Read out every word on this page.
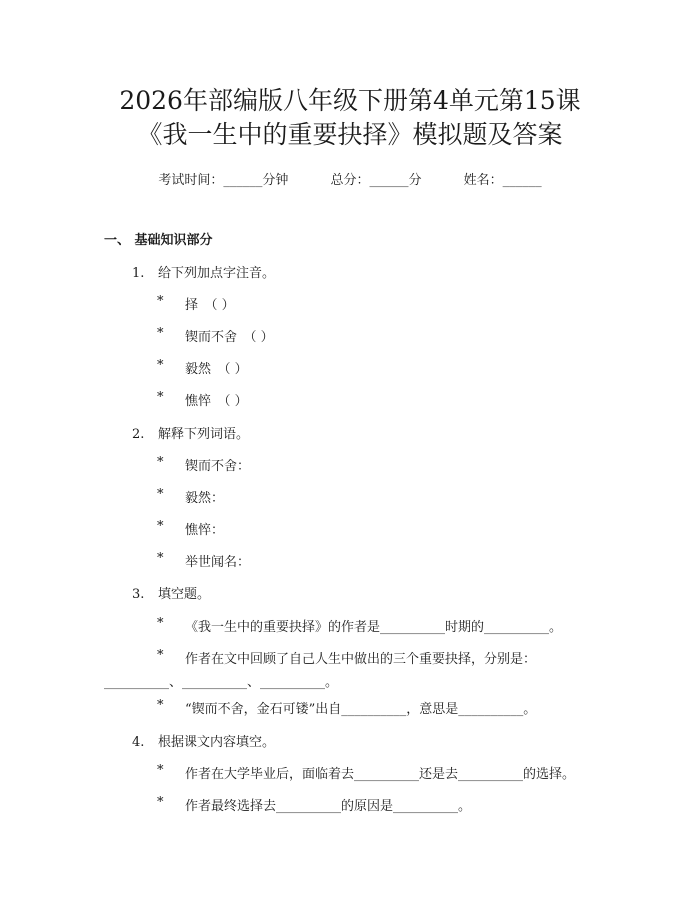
2026年部编版八年级下册第4单元第15课
《我一生中的重要抉择》模拟题及答案
考试时间：______分钟	总分：______分	姓名：______
一、 基础知识部分
1. 给下列加点字注音。
* 择　（ ）
* 锲而不舍　（ ）
* 毅然　（ ）
* 憔悴　（ ）
2. 解释下列词语。
* 锲而不舍：
* 毅然：
* 憔悴：
* 举世闻名：
3. 填空题。
* 《我一生中的重要抉择》的作者是__________时期的__________。
* 作者在文中回顾了自己人生中做出的三个重要抉择，分别是：
__________、__________、__________。
* “锲而不舍，金石可镂”出自__________，意思是__________。
4. 根据课文内容填空。
* 作者在大学毕业后，面临着去__________还是去__________的选择。
* 作者最终选择去__________的原因是__________。
